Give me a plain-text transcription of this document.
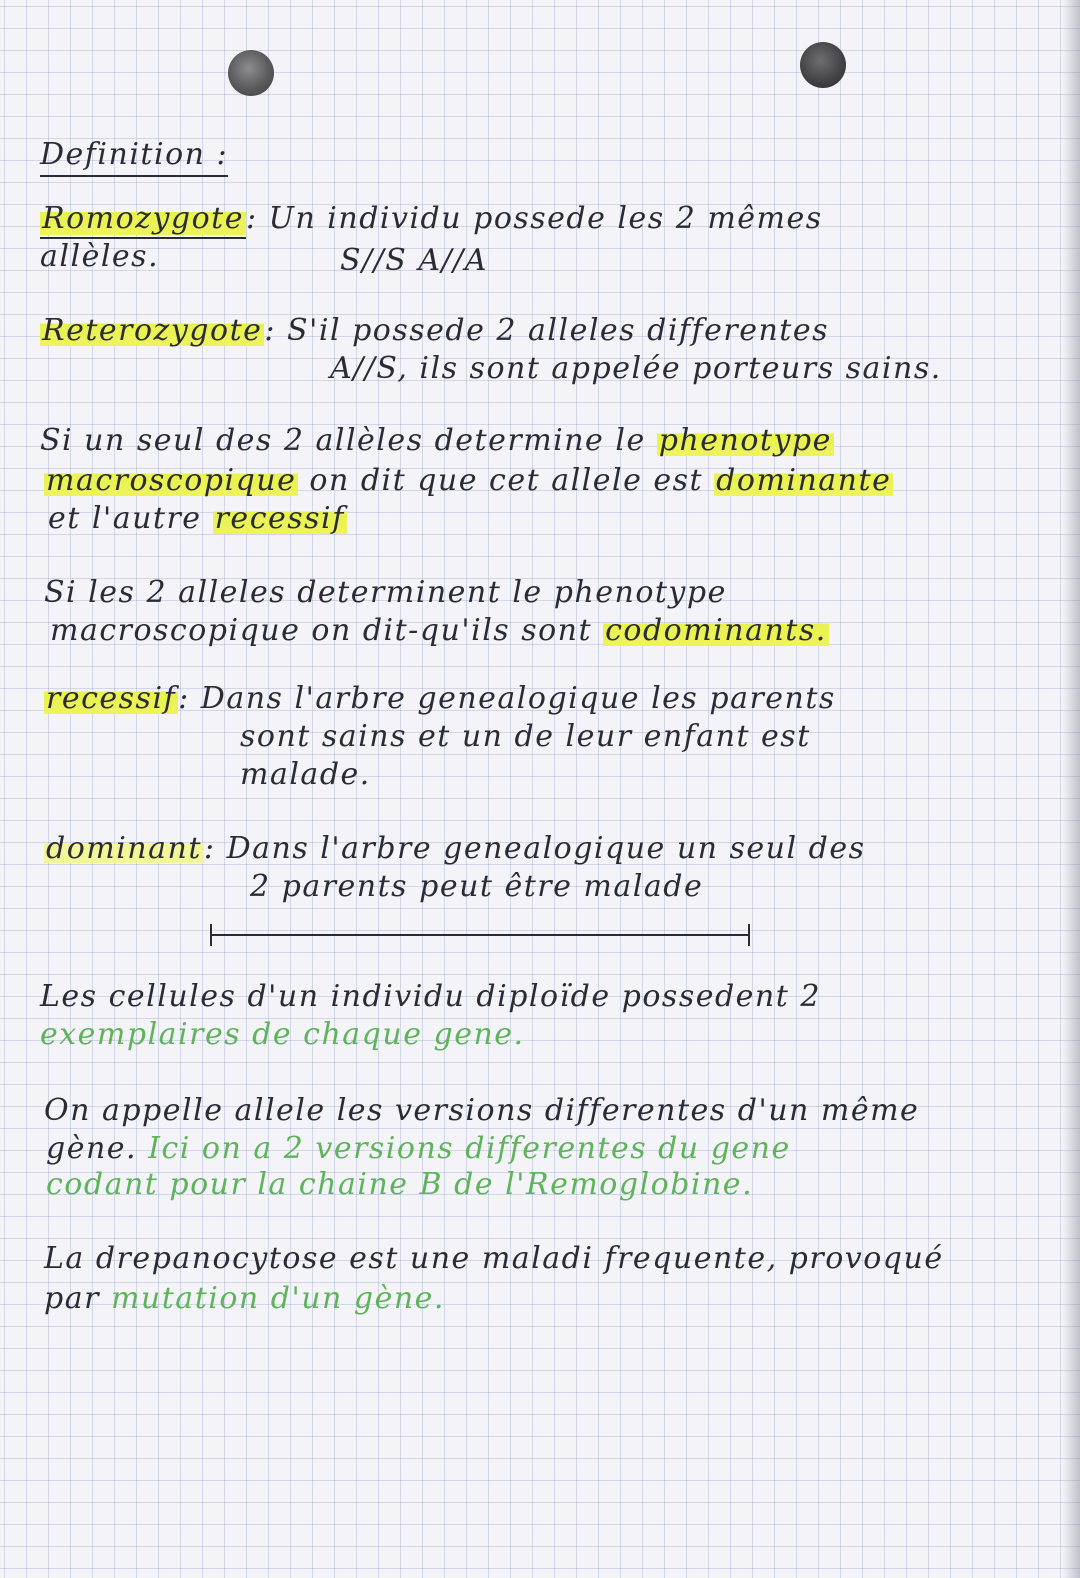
Definition :
Romozygote: Un individu possede les 2 mêmes
allèles.	S//S A//A
Reterozygote: S'il possede 2 alleles differentes
A//S, ils sont appelée porteurs sains.
Si un seul des 2 allèles determine le phenotype
macroscopique on dit que cet allele est dominante
et l'autre recessif
Si les 2 alleles determinent le phenotype
macroscopique on dit-qu'ils sont codominants.
recessif: Dans l'arbre genealogique les parents
sont sains et un de leur enfant est
malade.
dominant: Dans l'arbre genealogique un seul des
2 parents peut être malade
Les cellules d'un individu diploïde possedent 2
exemplaires de chaque gene.
On appelle allele les versions differentes d'un même
gène. Ici on a 2 versions differentes du gene
codant pour la chaine B de l'Remoglobine.
La drepanocytose est une maladi frequente, provoqué
par mutation d'un gène.
